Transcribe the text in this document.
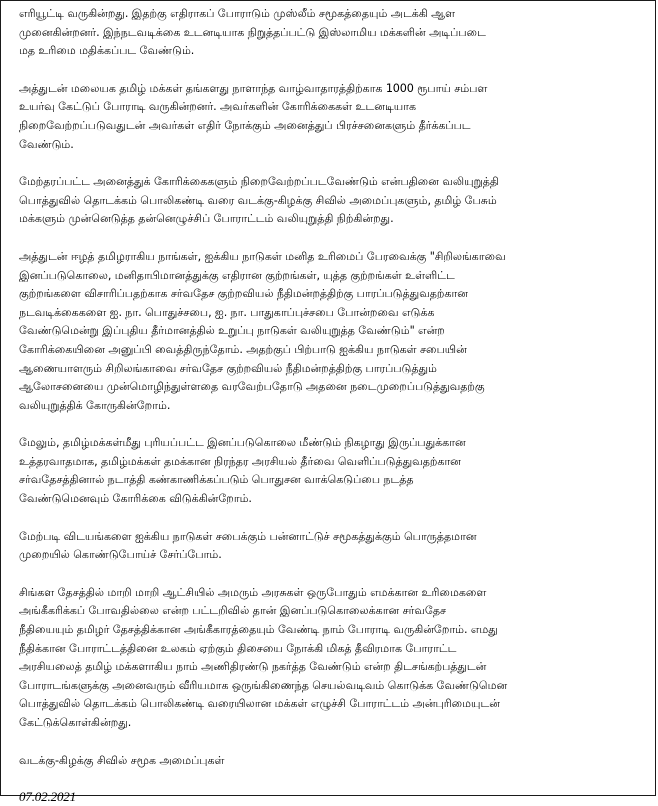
எரியூட்டி வருகின்றது. இதற்கு எதிராகப் போராடும் முஸ்லீம் சமூகத்தையும் அடக்கி ஆள
முனைகின்றனர். இந்நடவடிக்கை உடனடியாக நிறுத்தப்பட்டு இஸ்லாமிய மக்களின் அடிப்படை
மத உரிமை மதிக்கப்பட வேண்டும்.

அத்துடன் மலையக தமிழ் மக்கள் தங்களது நாளாந்த வாழ்வாதாரத்திற்காக 1000 ரூபாய் சம்பள
உயர்வு கேட்டுப் போராடி வருகின்றனர். அவர்களின் கோரிக்கைகள் உடனடியாக
நிறைவேற்றப்படுவதுடன் அவர்கள் எதிர் நோக்கும் அனைத்துப் பிரச்சனைகளும் தீர்க்கப்பட
வேண்டும்.

மேற்தரப்பட்ட அனைத்துக் கோரிக்கைகளும் நிறைவேற்றப்படவேண்டும் என்பதினை வலியுறுத்தி
பொத்துவில் தொடக்கம் பொலிகண்டி வரை வடக்கு-கிழக்கு சிவில் அமைப்புகளும், தமிழ் பேசும்
மக்களும் முன்னெடுத்த தன்னெழுச்சிப் போராட்டம் வலியுறுத்தி நிற்கின்றது.

அத்துடன் ஈழத் தமிழராகிய நாங்கள், ஐக்கிய நாடுகள் மனித உரிமைப் பேரவைக்கு "சிறிலங்காவை
இனப்படுகொலை, மனிதாபிமானத்துக்கு எதிரான குற்றங்கள், யுத்த குற்றங்கள் உள்ளிட்ட
குற்றங்களை விசாரிப்பதற்காக சர்வதேச குற்றவியல் நீதிமன்றத்திற்கு பாரப்படுத்துவதற்கான
நடவடிக்கைகளை ஐ. நா. பொதுச்சபை, ஐ. நா. பாதுகாப்புச்சபை போன்றவை எடுக்க
வேண்டுமென்று இப்புதிய தீர்மானத்தில் உறுப்பு நாடுகள் வலியுறுத்த வேண்டும்" என்ற
கோரிக்கையினை அனுப்பி வைத்திருந்தோம். அதற்குப் பிற்பாடு ஐக்கிய நாடுகள் சபையின்
ஆணையாளரும் சிறிலங்காவை சர்வதேச குற்றவியல் நீதிமன்றத்திற்கு பாரப்படுத்தும்
ஆலோசனையை முன்மொழிந்துள்ளதை வரவேற்பதோடு அதனை நடைமுறைப்படுத்துவதற்கு
வலியுறுத்திக் கோருகின்றோம்.

மேலும், தமிழ்மக்கள்மீது புரியப்பட்ட இனப்படுகொலை மீண்டும் நிகழாது இருப்பதுக்கான
உத்தரவாதமாக, தமிழ்மக்கள் தமக்கான நிரந்தர அரசியல் தீர்வை வெளிப்படுத்துவதற்கான
சர்வதேசத்தினால் நடாத்தி கண்காணிக்கப்படும் பொதுசன வாக்கெடுப்பை நடத்த
வேண்டுமெனவும் கோரிக்கை விடுக்கின்றோம்.

மேற்படி விடயங்களை ஐக்கிய நாடுகள் சபைக்கும் பன்னாட்டுச் சமூகத்துக்கும் பொருத்தமான
முறையில் கொண்டுபோய்ச் சேர்ப்போம்.

சிங்கள தேசத்தில் மாறி மாறி ஆட்சியில் அமரும் அரசுகள் ஒருபோதும் எமக்கான உரிமைகளை
அங்கீகரிக்கப் போவதில்லை என்ற பட்டறிவில் தான் இனப்படுகொலைக்கான சர்வதேச
நீதியையும் தமிழர் தேசத்திக்கான அங்கீகாரத்தையும் வேண்டி நாம் போராடி வருகின்றோம். எமது
நீதிக்கான போராட்டத்தினை உலகம் ஏற்கும் திசையை நோக்கி மிகத் தீவிரமாக போராட்ட
அரசியலைத் தமிழ் மக்களாகிய நாம் அணிதிரண்டு நகர்த்த வேண்டும் என்ற திடசங்கற்பத்துடன்
போராடங்களுக்கு அனைவரும் வீரியமாக ஒருங்கிணைந்த செயல்வடிவம் கொடுக்க வேண்டுமென
பொத்துவில் தொடக்கம் பொலிகண்டி வரையிலான மக்கள் எழுச்சி போராட்டம் அன்புரிமையுடன்
கேட்டுக்கொள்கின்றது.

வடக்கு-கிழக்கு சிவில் சமூக அமைப்புகள்

07.02.2021
